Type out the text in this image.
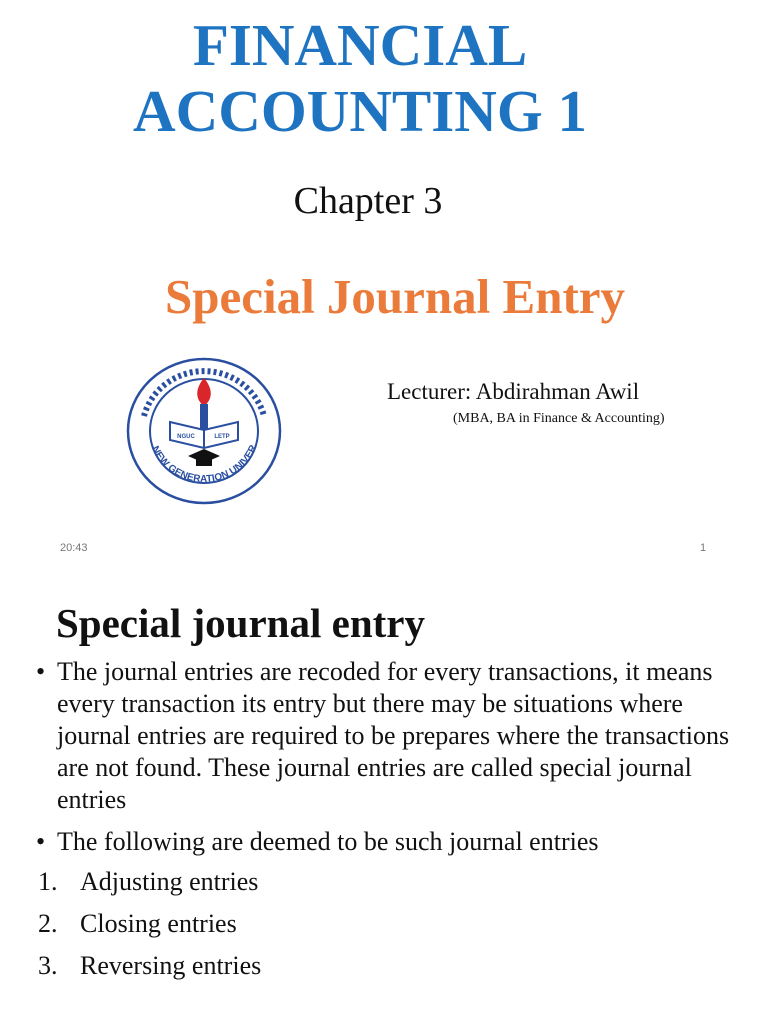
FINANCIAL
ACCOUNTING 1
Chapter 3
Special Journal Entry
NEW GENERATION UNIVER
NGUC	LETP
Lecturer: Abdirahman Awil
(MBA, BA in Finance & Accounting)
20:43	1
Special journal entry
• The journal entries are recoded for every transactions, it means every transaction its entry but there may be situations where journal entries are required to be prepares where the transactions are not found. These journal entries are called special journal entries
• The following are deemed to be such journal entries
1. Adjusting entries
2. Closing entries
3. Reversing entries
